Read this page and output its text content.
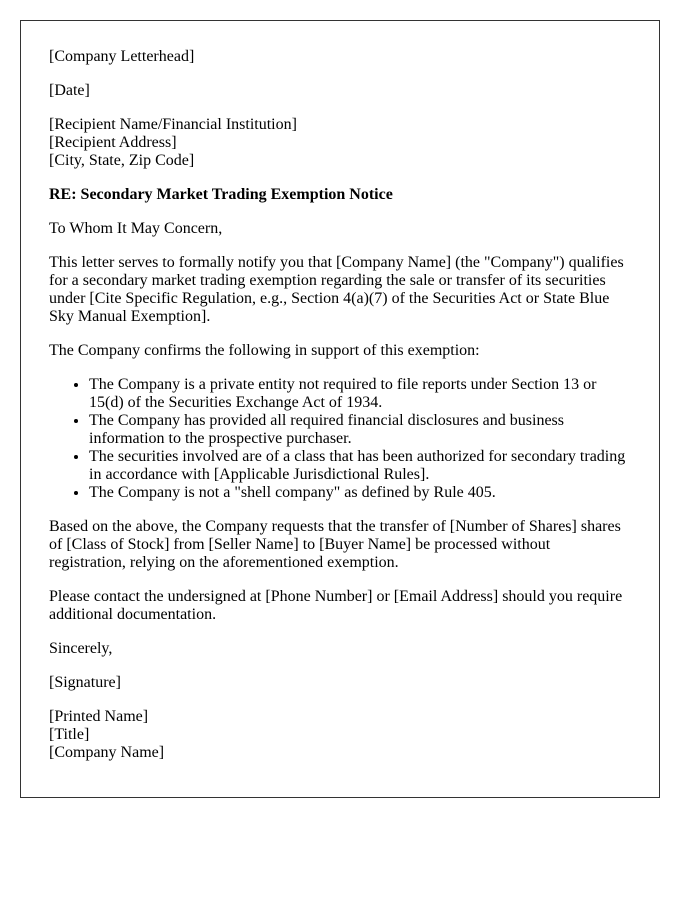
[Company Letterhead]

[Date]

[Recipient Name/Financial Institution]
[Recipient Address]
[City, State, Zip Code]

RE: Secondary Market Trading Exemption Notice

To Whom It May Concern,

This letter serves to formally notify you that [Company Name] (the "Company") qualifies for a secondary market trading exemption regarding the sale or transfer of its securities under [Cite Specific Regulation, e.g., Section 4(a)(7) of the Securities Act or State Blue Sky Manual Exemption].

The Company confirms the following in support of this exemption:

• The Company is a private entity not required to file reports under Section 13 or 15(d) of the Securities Exchange Act of 1934.
• The Company has provided all required financial disclosures and business information to the prospective purchaser.
• The securities involved are of a class that has been authorized for secondary trading in accordance with [Applicable Jurisdictional Rules].
• The Company is not a "shell company" as defined by Rule 405.

Based on the above, the Company requests that the transfer of [Number of Shares] shares of [Class of Stock] from [Seller Name] to [Buyer Name] be processed without registration, relying on the aforementioned exemption.

Please contact the undersigned at [Phone Number] or [Email Address] should you require additional documentation.

Sincerely,

[Signature]

[Printed Name]
[Title]
[Company Name]
